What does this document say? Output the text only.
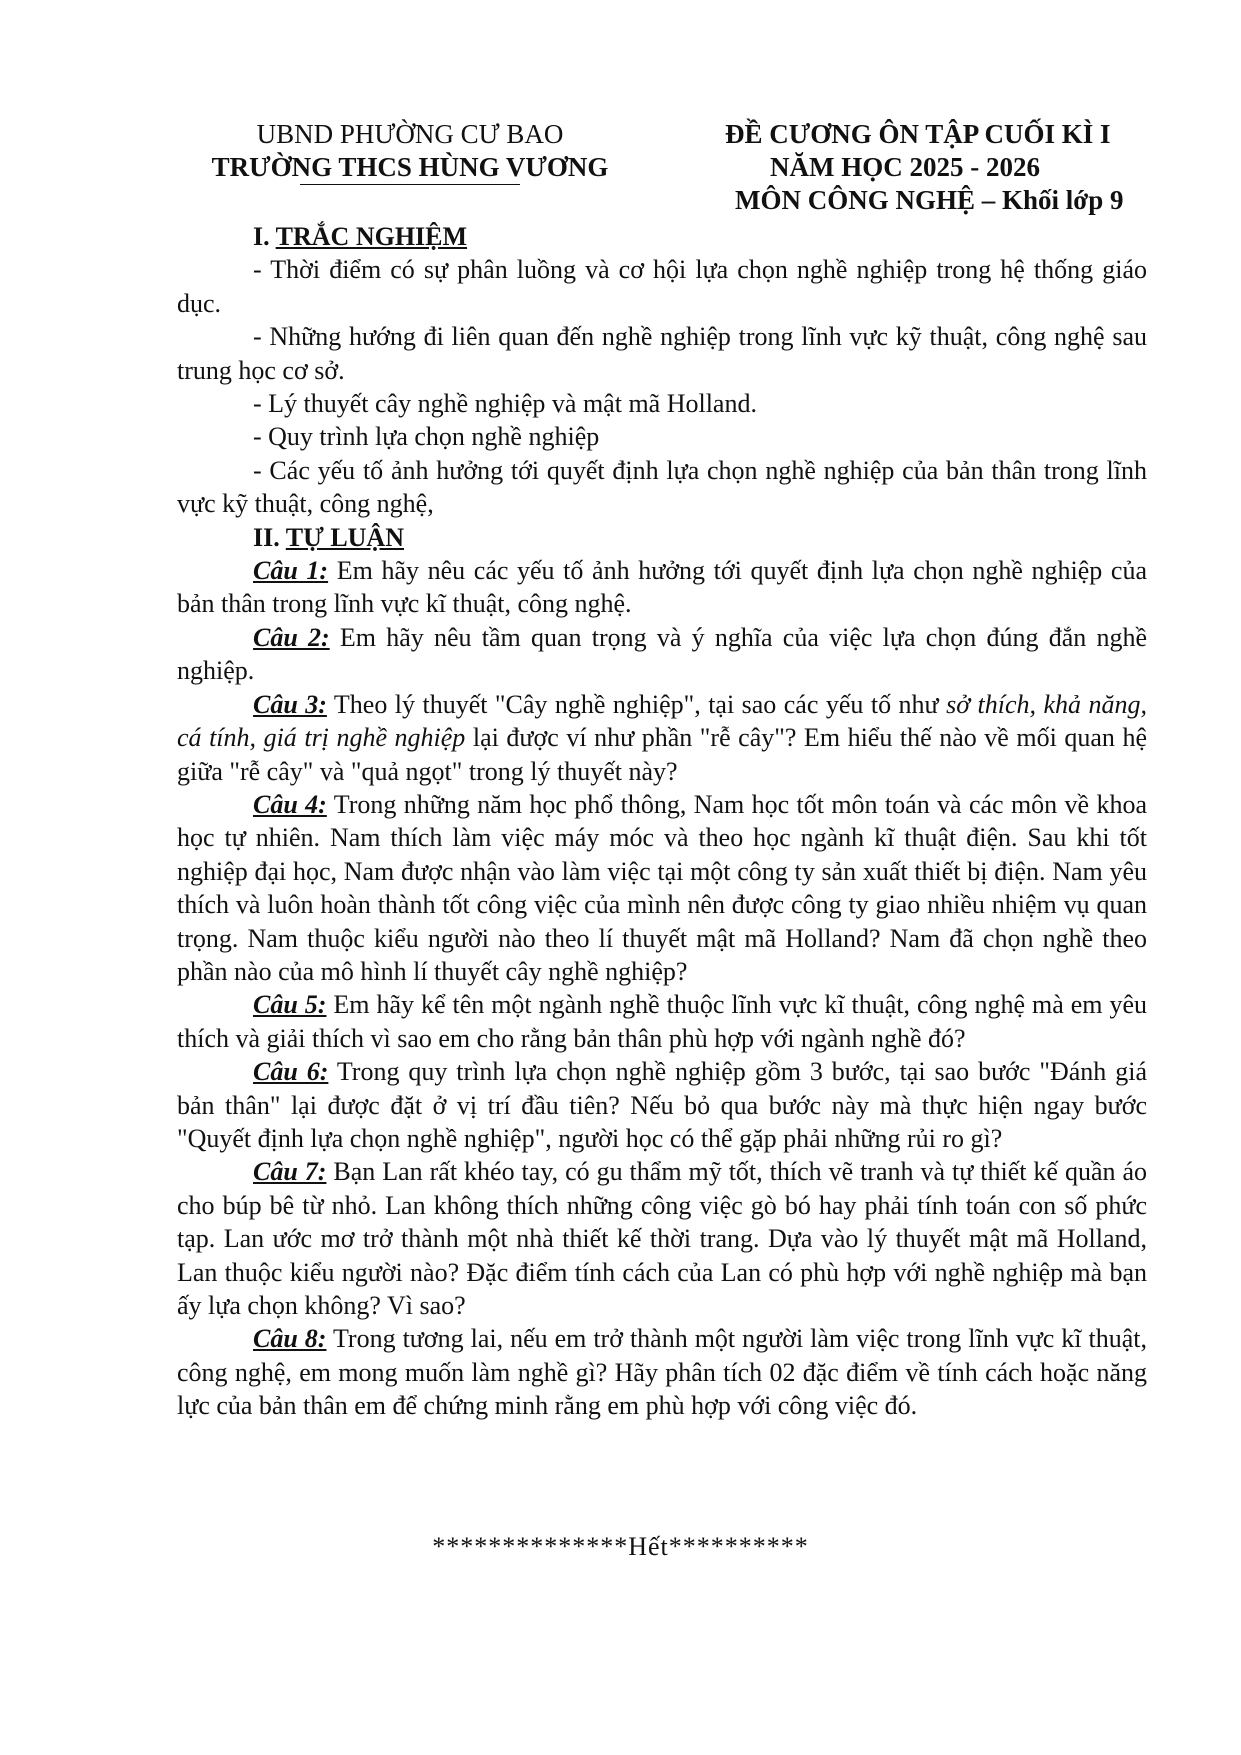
UBND PHƯỜNG CƯ BAO
TRƯỜNG THCS HÙNG VƯƠNG
ĐỀ CƯƠNG ÔN TẬP CUỐI KÌ I
NĂM HỌC 2025 - 2026
MÔN CÔNG NGHỆ – Khối lớp 9

I. TRẮC NGHIỆM

- Thời điểm có sự phân luồng và cơ hội lựa chọn nghề nghiệp trong hệ thống giáo dục.

- Những hướng đi liên quan đến nghề nghiệp trong lĩnh vực kỹ thuật, công nghệ sau trung học cơ sở.

- Lý thuyết cây nghề nghiệp và mật mã Holland.

- Quy trình lựa chọn nghề nghiệp

- Các yếu tố ảnh hưởng tới quyết định lựa chọn nghề nghiệp của bản thân trong lĩnh vực kỹ thuật, công nghệ,

II. TỰ LUẬN

Câu 1: Em hãy nêu các yếu tố ảnh hưởng tới quyết định lựa chọn nghề nghiệp của bản thân trong lĩnh vực kĩ thuật, công nghệ.

Câu 2: Em hãy nêu tầm quan trọng và ý nghĩa của việc lựa chọn đúng đắn nghề nghiệp.

Câu 3: Theo lý thuyết "Cây nghề nghiệp", tại sao các yếu tố như sở thích, khả năng, cá tính, giá trị nghề nghiệp lại được ví như phần "rễ cây"? Em hiểu thế nào về mối quan hệ giữa "rễ cây" và "quả ngọt" trong lý thuyết này?

Câu 4: Trong những năm học phổ thông, Nam học tốt môn toán và các môn về khoa học tự nhiên. Nam thích làm việc máy móc và theo học ngành kĩ thuật điện. Sau khi tốt nghiệp đại học, Nam được nhận vào làm việc tại một công ty sản xuất thiết bị điện. Nam yêu thích và luôn hoàn thành tốt công việc của mình nên được công ty giao nhiều nhiệm vụ quan trọng. Nam thuộc kiểu người nào theo lí thuyết mật mã Holland? Nam đã chọn nghề theo phần nào của mô hình lí thuyết cây nghề nghiệp?

Câu 5: Em hãy kể tên một ngành nghề thuộc lĩnh vực kĩ thuật, công nghệ mà em yêu thích và giải thích vì sao em cho rằng bản thân phù hợp với ngành nghề đó?

Câu 6: Trong quy trình lựa chọn nghề nghiệp gồm 3 bước, tại sao bước "Đánh giá bản thân" lại được đặt ở vị trí đầu tiên? Nếu bỏ qua bước này mà thực hiện ngay bước "Quyết định lựa chọn nghề nghiệp", người học có thể gặp phải những rủi ro gì?

Câu 7: Bạn Lan rất khéo tay, có gu thẩm mỹ tốt, thích vẽ tranh và tự thiết kế quần áo cho búp bê từ nhỏ. Lan không thích những công việc gò bó hay phải tính toán con số phức tạp. Lan ước mơ trở thành một nhà thiết kế thời trang. Dựa vào lý thuyết mật mã Holland, Lan thuộc kiểu người nào? Đặc điểm tính cách của Lan có phù hợp với nghề nghiệp mà bạn ấy lựa chọn không? Vì sao?

Câu 8: Trong tương lai, nếu em trở thành một người làm việc trong lĩnh vực kĩ thuật, công nghệ, em mong muốn làm nghề gì? Hãy phân tích 02 đặc điểm về tính cách hoặc năng lực của bản thân em để chứng minh rằng em phù hợp với công việc đó.

**************Hết**********
